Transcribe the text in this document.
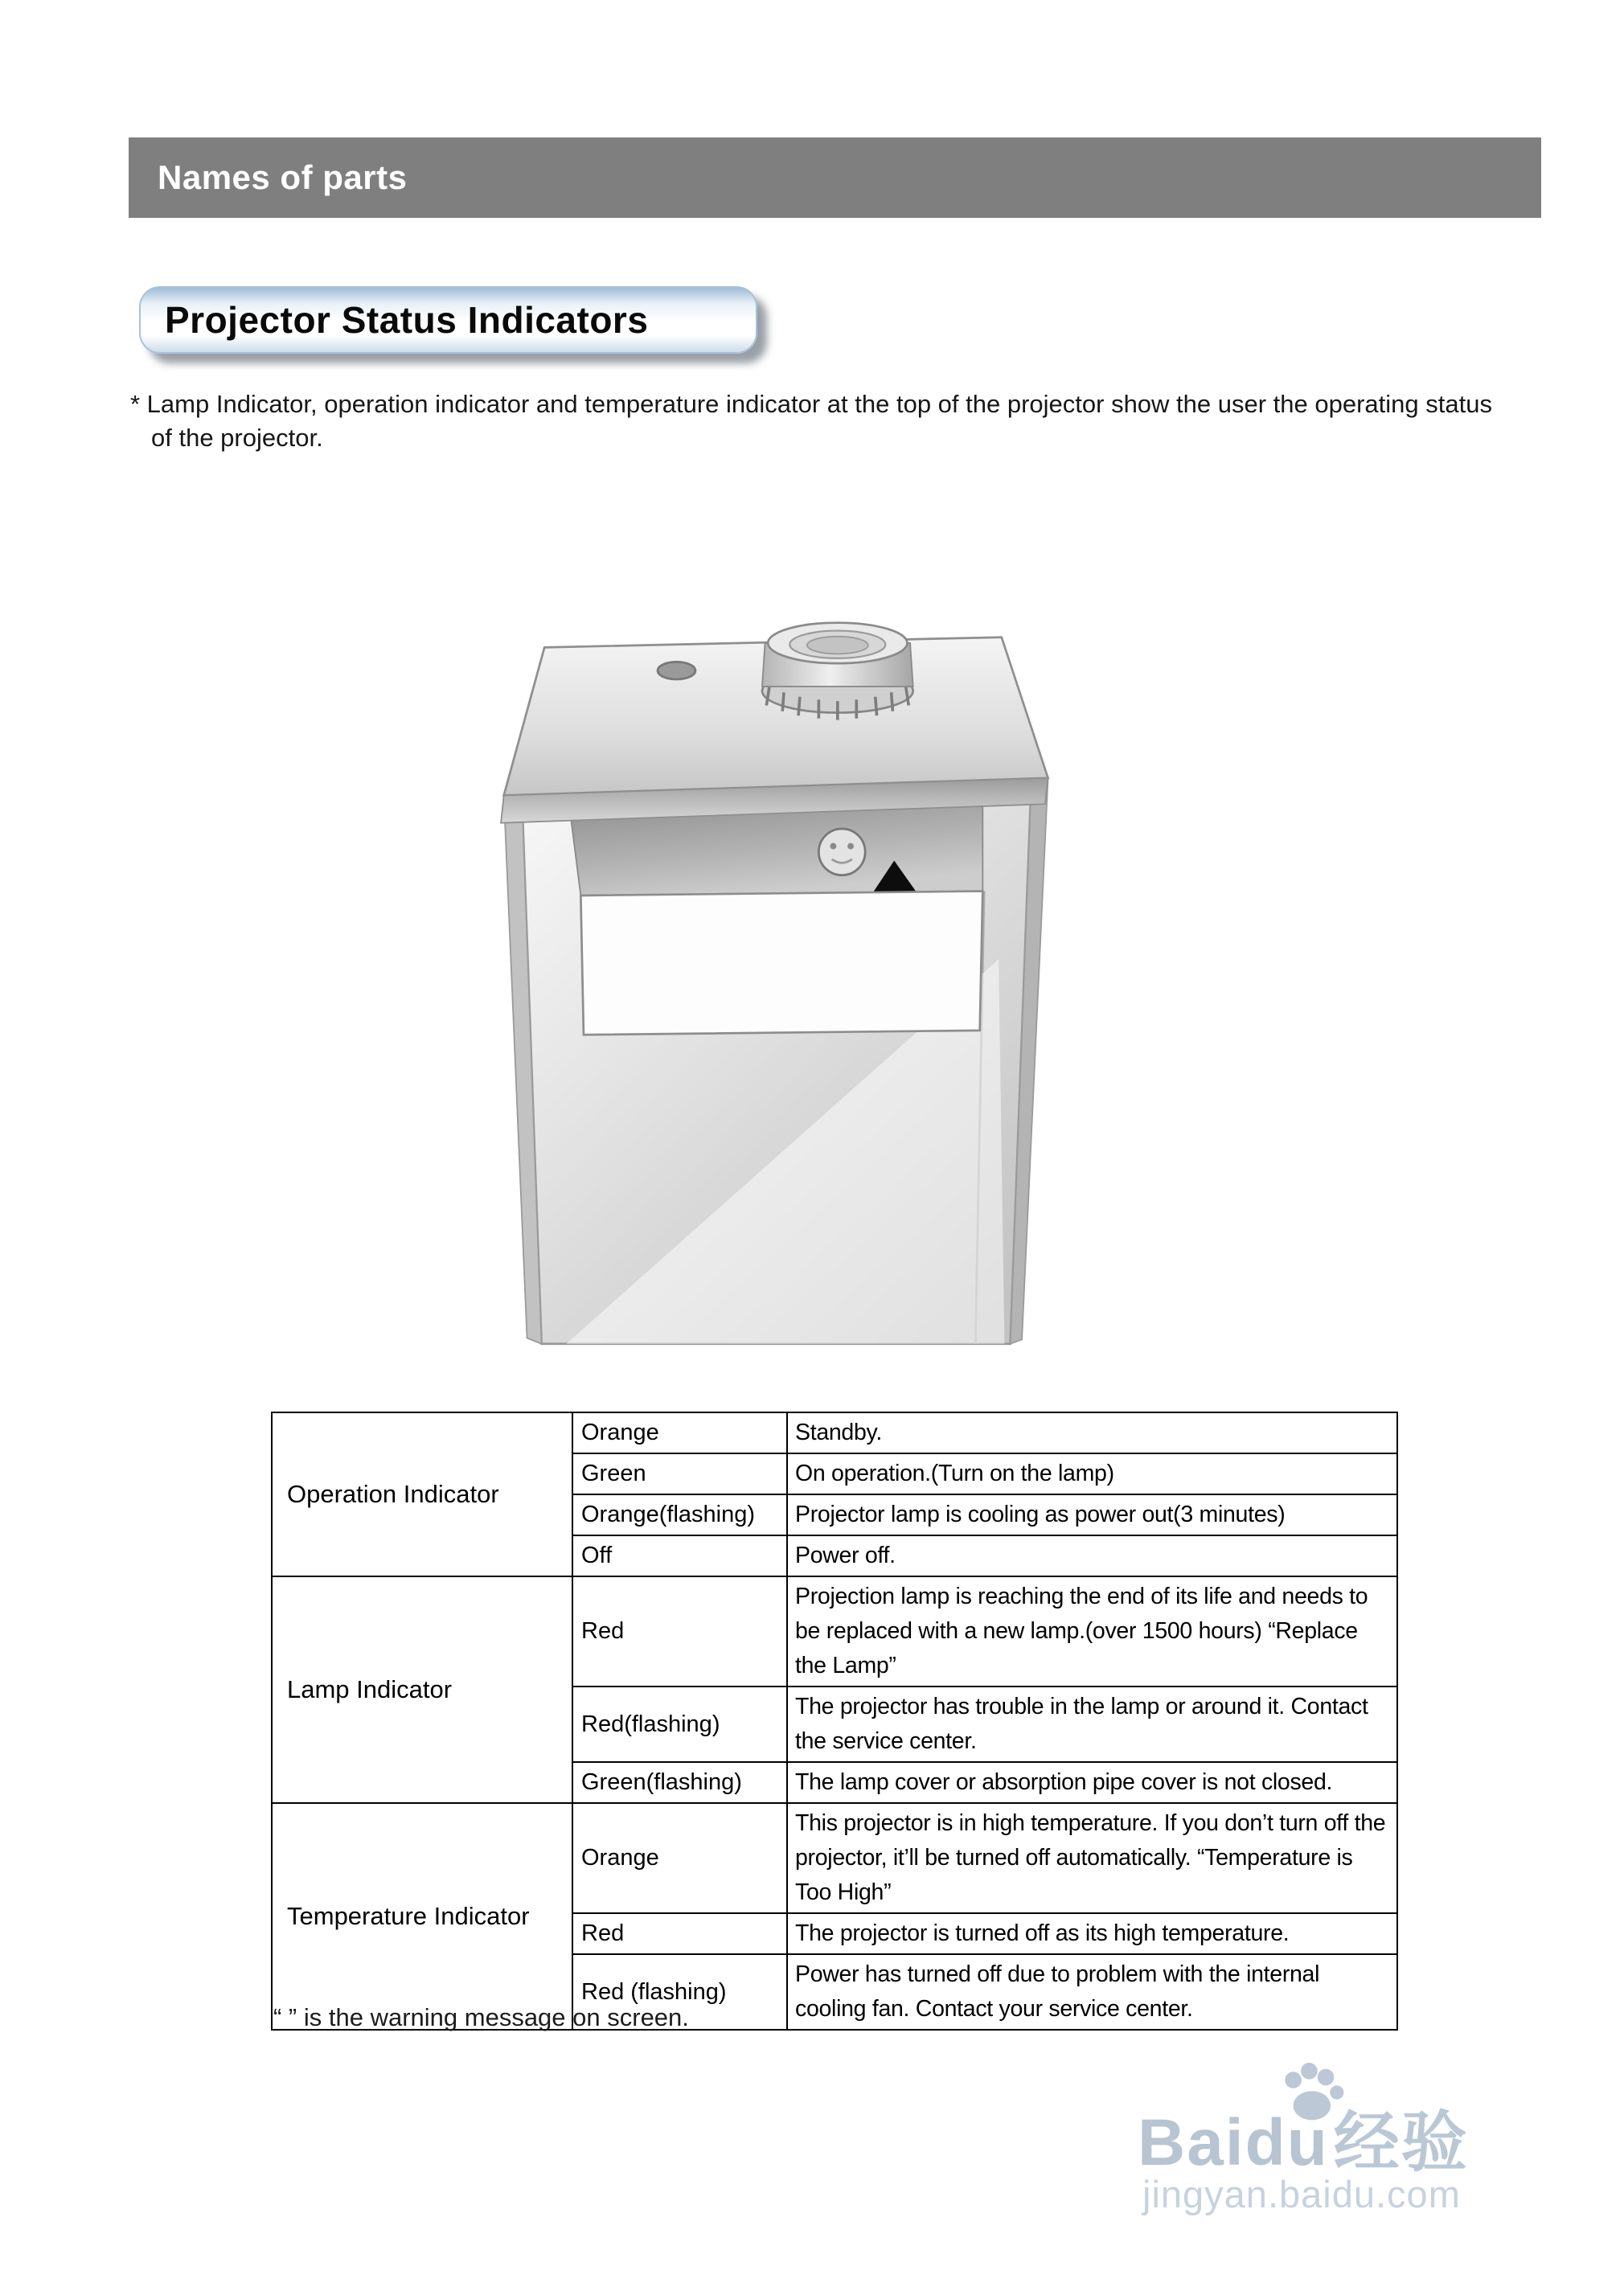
Names of parts
Projector Status Indicators
* Lamp Indicator, operation indicator and temperature indicator at the top of the projector show the user the operating status
of the projector.
Operation Indicator	Orange	Standby.
	Green	On operation.(Turn on the lamp)
	Orange(flashing)	Projector lamp is cooling as power out(3 minutes)
	Off	Power off.
Lamp Indicator	Red	Projection lamp is reaching the end of its life and needs to be replaced with a new lamp.(over 1500 hours) “Replace the Lamp”
	Red(flashing)	The projector has trouble in the lamp or around it. Contact the service center.
	Green(flashing)	The lamp cover or absorption pipe cover is not closed.
Temperature Indicator	Orange	This projector is in high temperature. If you don’t turn off the projector, it’ll be turned off automatically. “Temperature is Too High”
	Red	The projector is turned off as its high temperature.
	Red (flashing)	Power has turned off due to problem with the internal cooling fan. Contact your service center.
“ ” is the warning message on screen.
Baidu经验
jingyan.baidu.com
